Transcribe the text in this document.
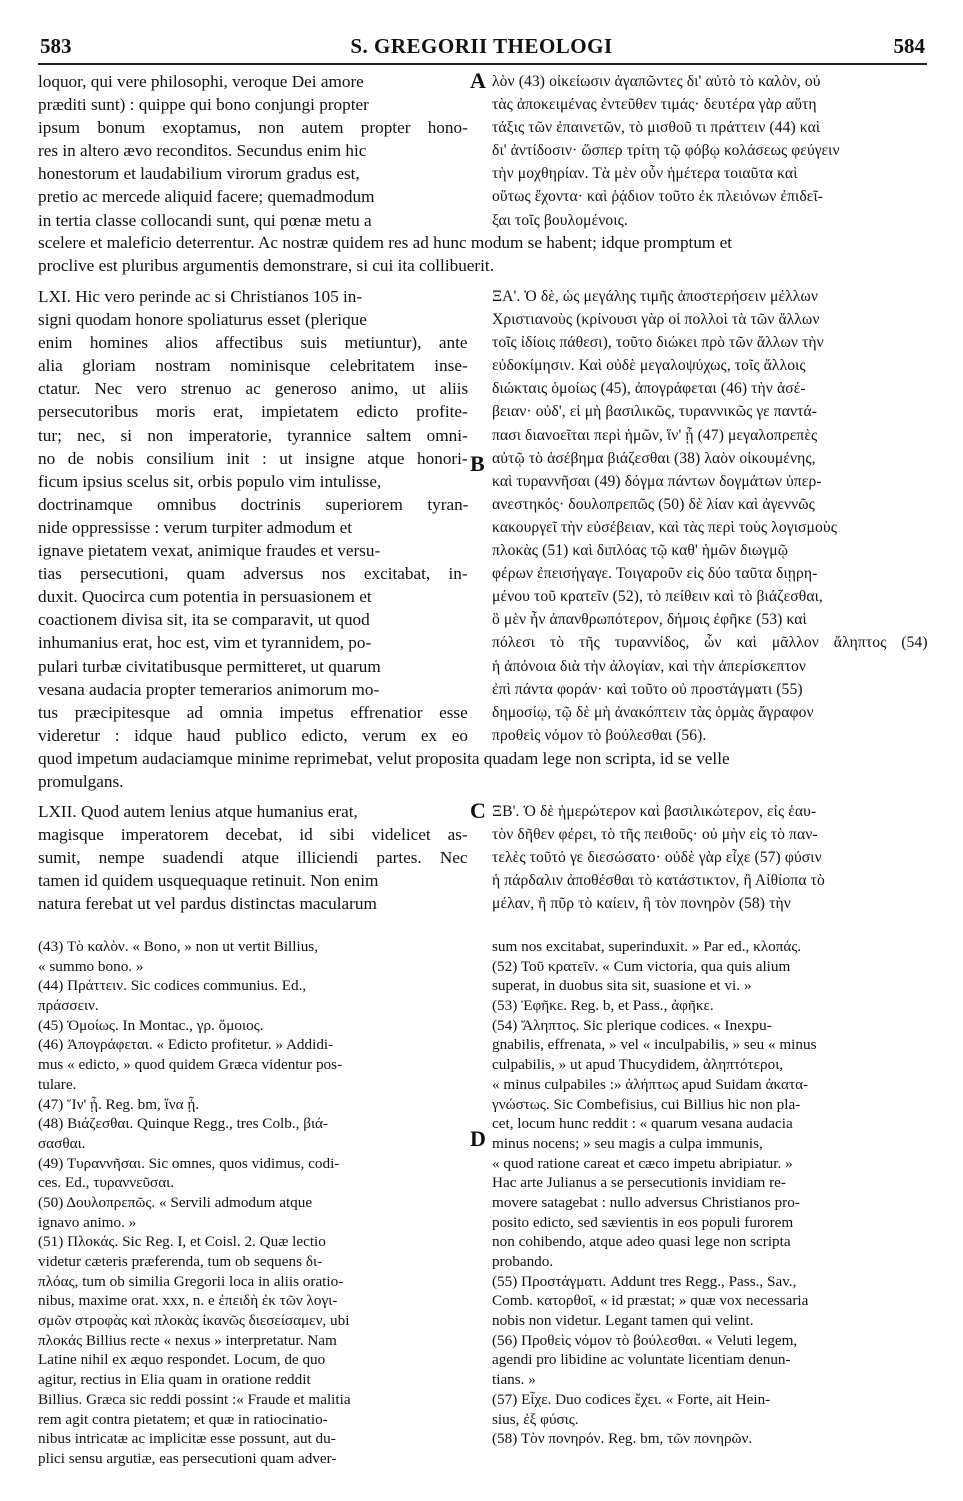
583	S. GREGORII THEOLOGI	584
A
B
C
D
loquor, qui vere philosophi, veroque Dei amore
præditi sunt) : quippe qui bono conjungi propter
ipsum bonum exoptamus, non autem propter hono-
res in altero ævo reconditos. Secundus enim hic
honestorum et laudabilium virorum gradus est,
pretio ac mercede aliquid facere; quemadmodum
in tertia classe collocandi sunt, qui pœnæ metu a
λὸν (43) οἰκείωσιν ἀγαπῶντες δι' αὐτὸ τὸ καλὸν, οὐ
τὰς ἀποκειμένας ἐντεῦθεν τιμάς· δευτέρα γὰρ αὕτη
τάξις τῶν ἐπαινετῶν, τὸ μισθοῦ τι πράττειν (44) καὶ
δι' ἀντίδοσιν· ὥσπερ τρίτη τῷ φόβῳ κολάσεως φεύγειν
τὴν μοχθηρίαν. Τὰ μὲν οὖν ἡμέτερα τοιαῦτα καὶ
οὕτως ἔχοντα· καὶ ῥᾴδιον τοῦτο ἐκ πλειόνων ἐπιδεῖ-
ξαι τοῖς βουλομένοις.
scelere et maleficio deterrentur. Ac nostræ quidem res ad hunc modum se habent; idque promptum et
proclive est pluribus argumentis demonstrare, si cui ita collibuerit.
LXI. Hic vero perinde ac si Christianos 105 in-
signi quodam honore spoliaturus esset (plerique
enim homines alios affectibus suis metiuntur), ante
alia gloriam nostram nominisque celebritatem inse-
ctatur. Nec vero strenuo ac generoso animo, ut aliis
persecutoribus moris erat, impietatem edicto profite-
tur; nec, si non imperatorie, tyrannice saltem omni-
no de nobis consilium init : ut insigne atque honori-
ficum ipsius scelus sit, orbis populo vim intulisse,
doctrinamque omnibus doctrinis superiorem tyran-
nide oppressisse : verum turpiter admodum et
ignave pietatem vexat, animique fraudes et versu-
tias persecutioni, quam adversus nos excitabat, in-
duxit. Quocirca cum potentia in persuasionem et
coactionem divisa sit, ita se comparavit, ut quod
inhumanius erat, hoc est, vim et tyrannidem, po-
pulari turbæ civitatibusque permitteret, ut quarum
vesana audacia propter temerarios animorum mo-
tus præcipitesque ad omnia impetus effrenatior esse
videretur : idque haud publico edicto, verum ex eo
ΞΑ'. Ὁ δὲ, ὡς μεγάλης τιμῆς ἀποστερήσειν μέλλων
Χριστιανοὺς (κρίνουσι γὰρ οἱ πολλοὶ τὰ τῶν ἄλλων
τοῖς ἰδίοις πάθεσι), τοῦτο διώκει πρὸ τῶν ἄλλων τὴν
εὐδοκίμησιν. Καὶ οὐδὲ μεγαλοψύχως, τοῖς ἄλλοις
διώκταις ὁμοίως (45), ἀπογράφεται (46) τὴν ἀσέ-
βειαν· οὐδ', εἰ μὴ βασιλικῶς, τυραννικῶς γε παντά-
πασι διανοεῖται περὶ ἡμῶν, ἵν' ᾖ (47) μεγαλοπρεπὲς
αὐτῷ τὸ ἀσέβημα βιάζεσθαι (38) λαὸν οἰκουμένης,
καὶ τυραννῆσαι (49) δόγμα πάντων δογμάτων ὑπερ-
ανεστηκός· δουλοπρεπῶς (50) δὲ λίαν καὶ ἀγεννῶς
κακουργεῖ τὴν εὐσέβειαν, καὶ τὰς περὶ τοὺς λογισμοὺς
πλοκὰς (51) καὶ διπλόας τῷ καθ' ἡμῶν διωγμῷ
φέρων ἐπεισήγαγε. Τοιγαροῦν εἰς δύο ταῦτα διῃρη-
μένου τοῦ κρατεῖν (52), τὸ πείθειν καὶ τὸ βιάζεσθαι,
ὃ μὲν ἦν ἀπανθρωπότερον, δήμοις ἐφῆκε (53) καὶ
πόλεσι τὸ τῆς τυραννίδος, ὧν καὶ μᾶλλον ἄληπτος (54)
ἡ ἀπόνοια διὰ τὴν ἀλογίαν, καὶ τὴν ἀπερίσκεπτον
ἐπὶ πάντα φοράν· καὶ τοῦτο οὐ προστάγματι (55)
δημοσίῳ, τῷ δὲ μὴ ἀνακόπτειν τὰς ὁρμὰς ἄγραφον
προθεὶς νόμον τὸ βούλεσθαι (56).
quod impetum audaciamque minime reprimebat, velut proposita quadam lege non scripta, id se velle
promulgans.
LXII. Quod autem lenius atque humanius erat,
magisque imperatorem decebat, id sibi videlicet as-
sumit, nempe suadendi atque illiciendi partes. Nec
tamen id quidem usquequaque retinuit. Non enim
natura ferebat ut vel pardus distinctas macularum
ΞΒ'. Ὁ δὲ ἡμερώτερον καὶ βασιλικώτερον, εἰς ἑαυ-
τὸν δῆθεν φέρει, τὸ τῆς πειθοῦς· οὐ μὴν εἰς τὸ παν-
τελὲς τοῦτό γε διεσώσατο· οὐδὲ γὰρ εἶχε (57) φύσιν
ἡ πάρδαλιν ἀποθέσθαι τὸ κατάστικτον, ἢ Αἰθίοπα τὸ
μέλαν, ἢ πῦρ τὸ καίειν, ἢ τὸν πονηρὸν (58) τὴν
(43) Τὸ καλὸν. « Bono, » non ut vertit Billius,
« summo bono. »
(44) Πράττειν. Sic codices communius. Ed.,
πράσσειν.
(45) Ὁμοίως. In Montac., γρ. ὅμοιος.
(46) Ἀπογράφεται. « Edicto profitetur. » Addidi-
mus « edicto, » quod quidem Græca videntur pos-
tulare.
(47) Ἵν' ᾖ. Reg. bm, ἵνα ᾖ.
(48) Βιάζεσθαι. Quinque Regg., tres Colb., βιά-
σασθαι.
(49) Τυραννῆσαι. Sic omnes, quos vidimus, codi-
ces. Ed., τυραννεῦσαι.
(50) Δουλοπρεπῶς. « Servili admodum atque
ignavo animo. »
(51) Πλοκάς. Sic Reg. I, et Coisl. 2. Quæ lectio
videtur cæteris præferenda, tum ob sequens δι-
πλόας, tum ob similia Gregorii loca in aliis oratio-
nibus, maxime orat. xxx, n. e ἐπειδὴ ἐκ τῶν λογι-
σμῶν στροφὰς καὶ πλοκὰς ἱκανῶς διεσείσαμεν, ubi
πλοκάς Billius recte « nexus » interpretatur. Nam
Latine nihil ex æquo respondet. Locum, de quo
agitur, rectius in Elia quam in oratione reddit
Billius. Græca sic reddi possint :« Fraude et malitia
rem agit contra pietatem; et quæ in ratiocinatio-
nibus intricatæ ac implicitæ esse possunt, aut du-
plici sensu argutiæ, eas persecutioni quam adver-
sum nos excitabat, superinduxit. » Par ed., κλοπάς.
(52) Τοῦ κρατεῖν. « Cum victoria, qua quis alium
superat, in duobus sita sit, suasione et vi. »
(53) Ἐφῆκε. Reg. b, et Pass., ἀφῆκε.
(54) Ἄληπτος. Sic plerique codices. « Inexpu-
gnabilis, effrenata, » vel « inculpabilis, » seu « minus
culpabilis, » ut apud Thucydidem, ἀληπτότεροι,
« minus culpabiles :» ἀλήπτως apud Suidam ἀκατα-
γνώστως. Sic Combefisius, cui Billius hic non pla-
cet, locum hunc reddit : « quarum vesana audacia
minus nocens; » seu magis a culpa immunis,
« quod ratione careat et cæco impetu abripiatur. »
Hac arte Julianus a se persecutionis invidiam re-
movere satagebat : nullo adversus Christianos pro-
posito edicto, sed sævientis in eos populi furorem
non cohibendo, atque adeo quasi lege non scripta
probando.
(55) Προστάγματι. Addunt tres Regg., Pass., Sav.,
Comb. κατορθοῖ, « id præstat; » quæ vox necessaria
nobis non videtur. Legant tamen qui velint.
(56) Προθεὶς νόμον τὸ βούλεσθαι. « Veluti legem,
agendi pro libidine ac voluntate licentiam denun-
tians. »
(57) Εἶχε. Duo codices ἔχει. « Forte, ait Hein-
sius, ἐξ φύσις.
(58) Τὸν πονηρόν. Reg. bm, τῶν πονηρῶν.
